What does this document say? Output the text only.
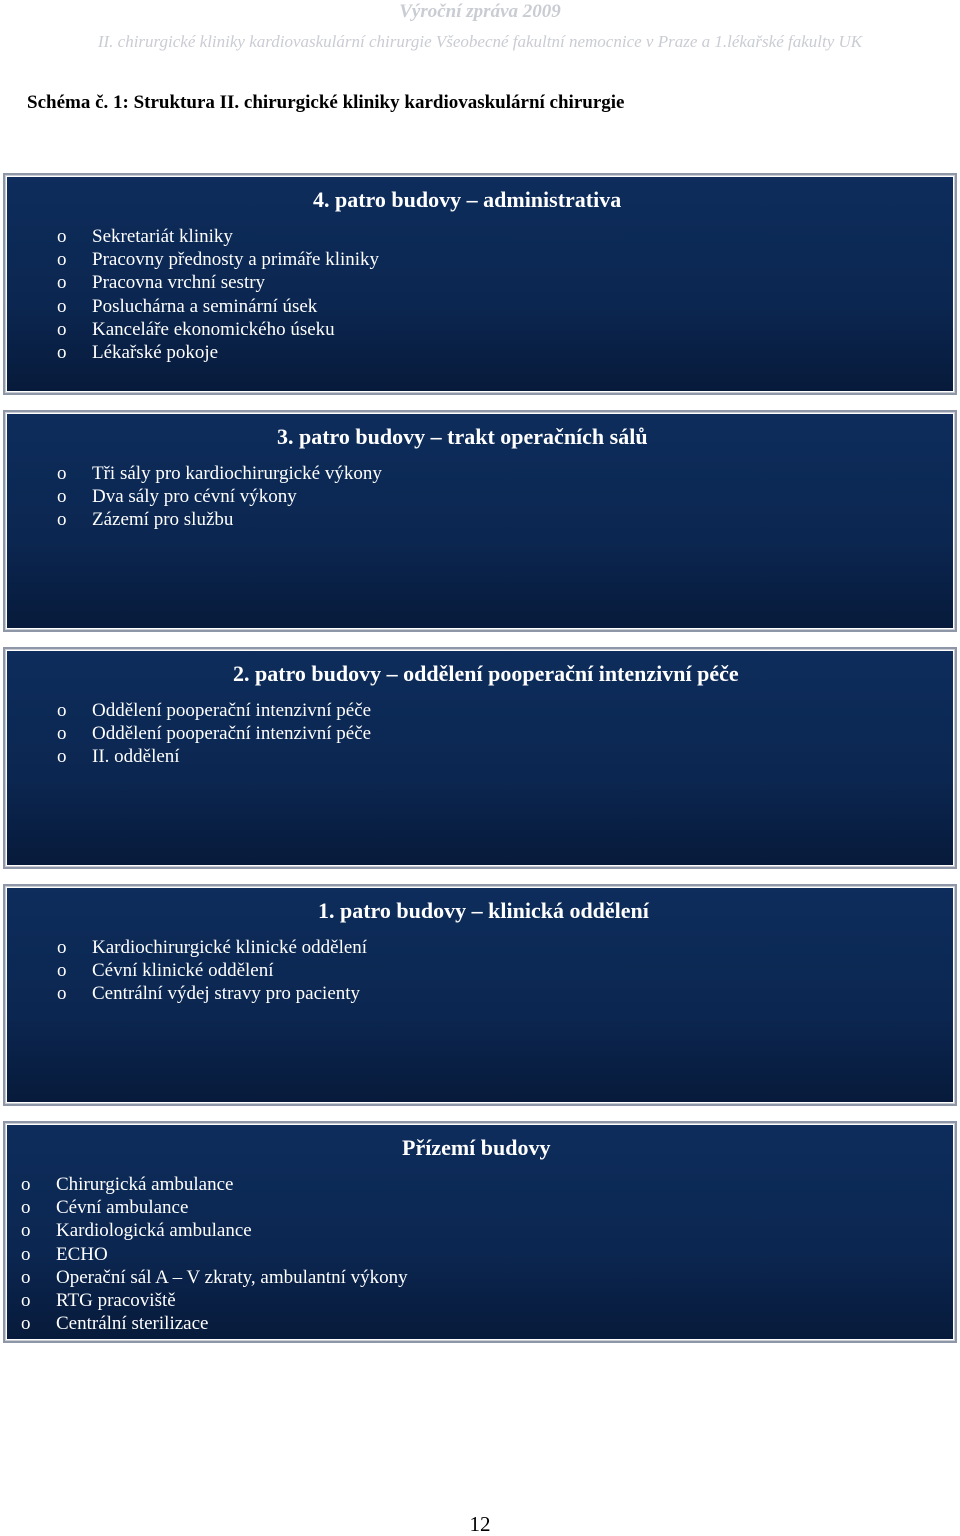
Výroční zpráva 2009
II. chirurgické kliniky kardiovaskulární chirurgie Všeobecné fakultní nemocnice v Praze a 1.lékařské fakulty UK
Schéma č. 1: Struktura II. chirurgické kliniky kardiovaskulární chirurgie
4. patro budovy – administrativa
o Sekretariát kliniky
o Pracovny přednosty a primáře kliniky
o Pracovna vrchní sestry
o Posluchárna a seminární úsek
o Kanceláře ekonomického úseku
o Lékařské pokoje
3. patro budovy – trakt operačních sálů
o Tři sály pro kardiochirurgické výkony
o Dva sály pro cévní výkony
o Zázemí pro službu
2. patro budovy – oddělení pooperační intenzivní péče
o Oddělení pooperační intenzivní péče
o Oddělení pooperační intenzivní péče
o II. oddělení
1. patro budovy – klinická oddělení
o Kardiochirurgické klinické oddělení
o Cévní klinické oddělení
o Centrální výdej stravy pro pacienty
Přízemí budovy
o Chirurgická ambulance
o Cévní ambulance
o Kardiologická ambulance
o ECHO
o Operační sál A – V zkraty, ambulantní výkony
o RTG pracoviště
o Centrální sterilizace
12
